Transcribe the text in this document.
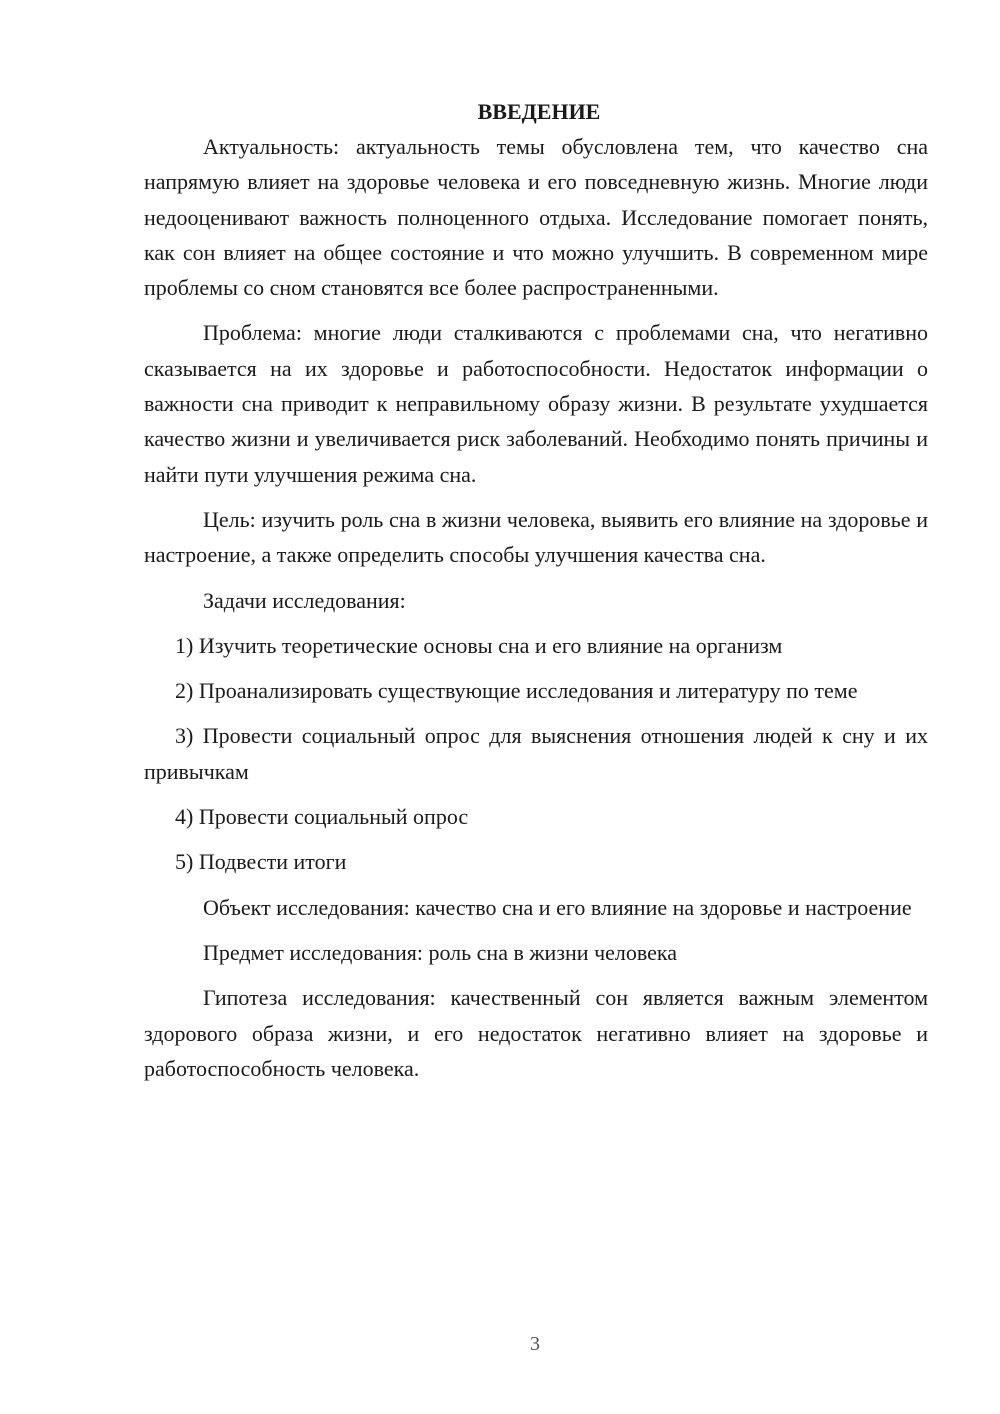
ВВЕДЕНИЕ

Актуальность: актуальность темы обусловлена тем, что качество сна напрямую влияет на здоровье человека и его повседневную жизнь. Многие люди недооценивают важность полноценного отдыха. Исследование помогает понять, как сон влияет на общее состояние и что можно улучшить. В современном мире проблемы со сном становятся все более распространенными.

Проблема: многие люди сталкиваются с проблемами сна, что негативно сказывается на их здоровье и работоспособности. Недостаток информации о важности сна приводит к неправильному образу жизни. В результате ухудшается качество жизни и увеличивается риск заболеваний. Необходимо понять причины и найти пути улучшения режима сна.

Цель: изучить роль сна в жизни человека, выявить его влияние на здоровье и настроение, а также определить способы улучшения качества сна.

Задачи исследования:

1) Изучить теоретические основы сна и его влияние на организм

2) Проанализировать существующие исследования и литературу по теме

3) Провести социальный опрос для выяснения отношения людей к сну и их привычкам

4) Провести социальный опрос

5) Подвести итоги

Объект исследования: качество сна и его влияние на здоровье и настроение

Предмет исследования: роль сна в жизни человека

Гипотеза исследования: качественный сон является важным элементом здорового образа жизни, и его недостаток негативно влияет на здоровье и работоспособность человека.

3
